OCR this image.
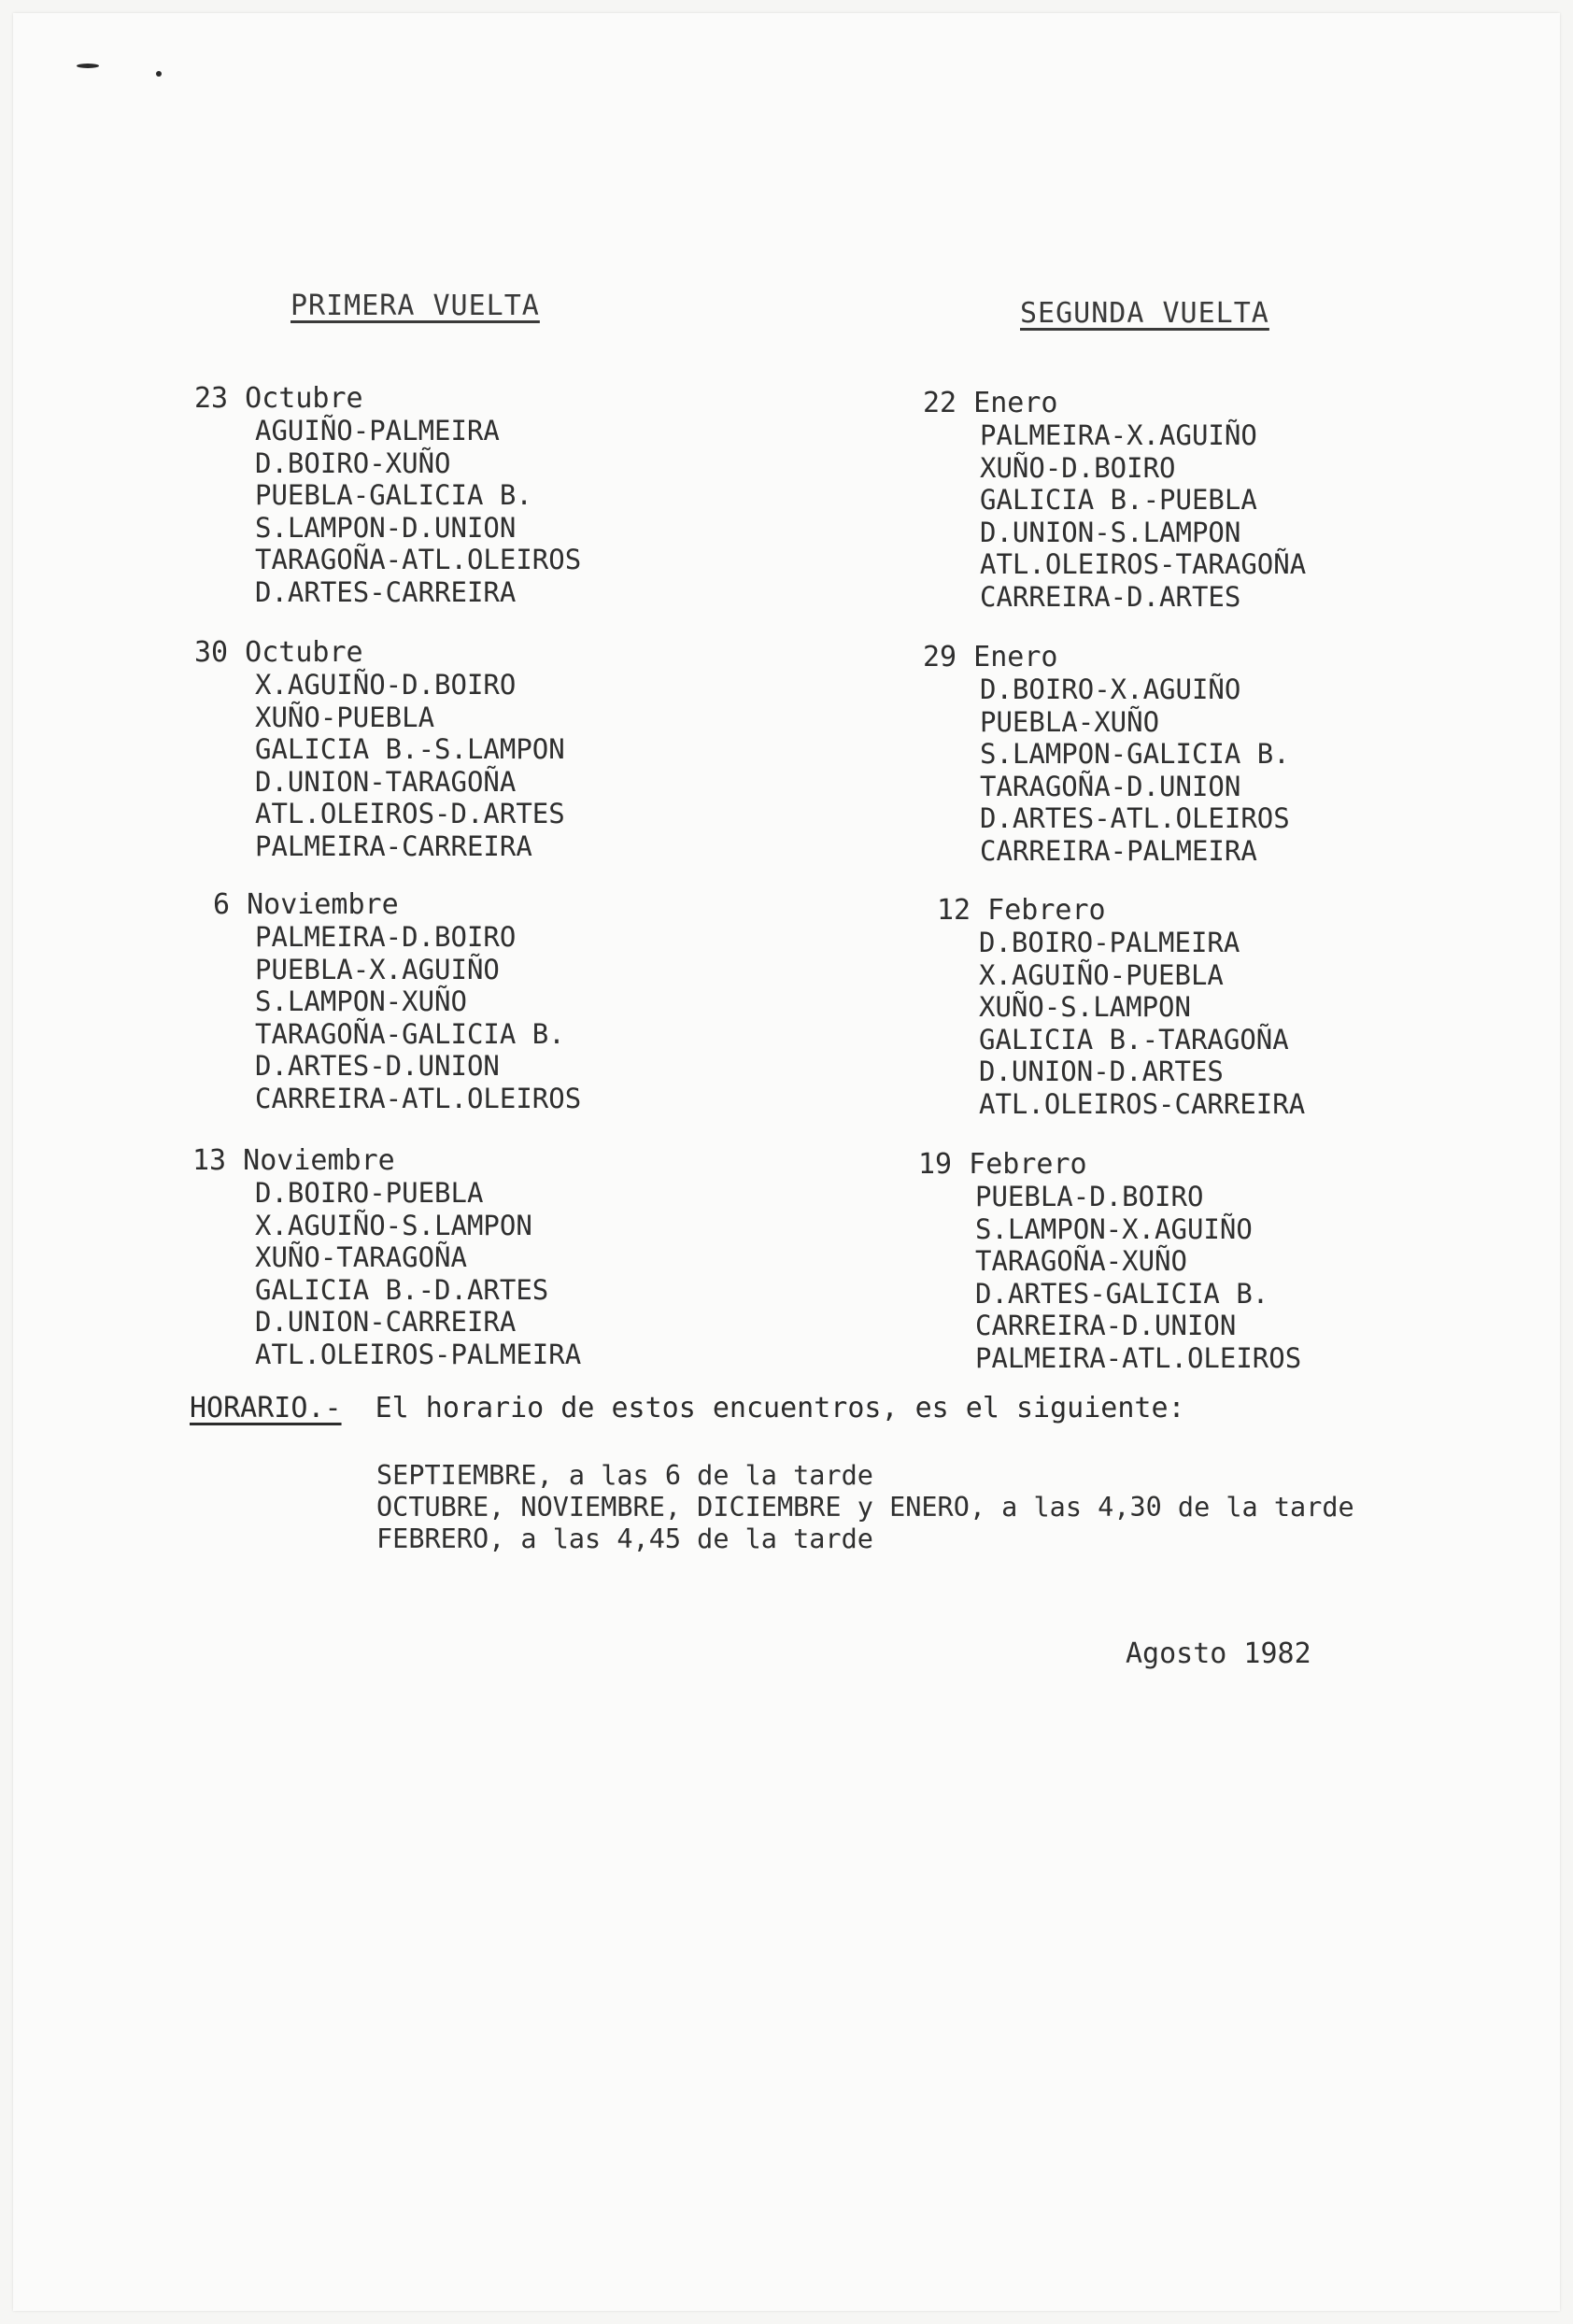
PRIMERA VUELTA	SEGUNDA VUELTA
23 Octubre
AGUIÑO-PALMEIRA
D.BOIRO-XUÑO
PUEBLA-GALICIA B.
S.LAMPON-D.UNION
TARAGOÑA-ATL.OLEIROS
D.ARTES-CARREIRA
30 Octubre
X.AGUIÑO-D.BOIRO
XUÑO-PUEBLA
GALICIA B.-S.LAMPON
D.UNION-TARAGOÑA
ATL.OLEIROS-D.ARTES
PALMEIRA-CARREIRA
6 Noviembre
PALMEIRA-D.BOIRO
PUEBLA-X.AGUIÑO
S.LAMPON-XUÑO
TARAGOÑA-GALICIA B.
D.ARTES-D.UNION
CARREIRA-ATL.OLEIROS
13 Noviembre
D.BOIRO-PUEBLA
X.AGUIÑO-S.LAMPON
XUÑO-TARAGOÑA
GALICIA B.-D.ARTES
D.UNION-CARREIRA
ATL.OLEIROS-PALMEIRA
22 Enero
PALMEIRA-X.AGUIÑO
XUÑO-D.BOIRO
GALICIA B.-PUEBLA
D.UNION-S.LAMPON
ATL.OLEIROS-TARAGOÑA
CARREIRA-D.ARTES
29 Enero
D.BOIRO-X.AGUIÑO
PUEBLA-XUÑO
S.LAMPON-GALICIA B.
TARAGOÑA-D.UNION
D.ARTES-ATL.OLEIROS
CARREIRA-PALMEIRA
12 Febrero
D.BOIRO-PALMEIRA
X.AGUIÑO-PUEBLA
XUÑO-S.LAMPON
GALICIA B.-TARAGOÑA
D.UNION-D.ARTES
ATL.OLEIROS-CARREIRA
19 Febrero
PUEBLA-D.BOIRO
S.LAMPON-X.AGUIÑO
TARAGOÑA-XUÑO
D.ARTES-GALICIA B.
CARREIRA-D.UNION
PALMEIRA-ATL.OLEIROS
HORARIO.- El horario de estos encuentros, es el siguiente:
SEPTIEMBRE, a las 6 de la tarde
OCTUBRE, NOVIEMBRE, DICIEMBRE y ENERO, a las 4,30 de la tarde
FEBRERO, a las 4,45 de la tarde
Agosto 1982
